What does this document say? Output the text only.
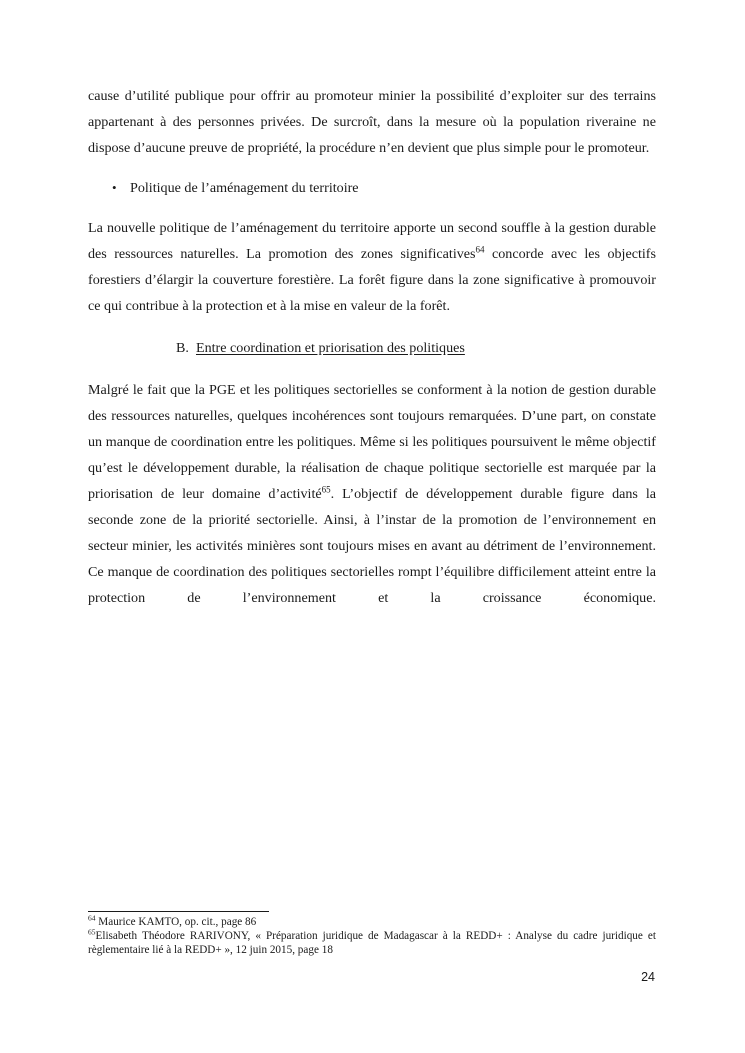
cause d’utilité publique pour offrir au promoteur minier la possibilité d’exploiter sur des terrains appartenant à des personnes privées. De surcroît, dans la mesure où la population riveraine ne dispose d’aucune preuve de propriété, la procédure n’en devient que plus simple pour le promoteur.

• Politique de l’aménagement du territoire

La nouvelle politique de l’aménagement du territoire apporte un second souffle à la gestion durable des ressources naturelles. La promotion des zones significatives$^{64}$ concorde avec les objectifs forestiers d’élargir la couverture forestière. La forêt figure dans la zone significative à promouvoir ce qui contribue à la protection et à la mise en valeur de la forêt.

B. Entre coordination et priorisation des politiques

Malgré le fait que la PGE et les politiques sectorielles se conforment à la notion de gestion durable des ressources naturelles, quelques incohérences sont toujours remarquées. D’une part, on constate un manque de coordination entre les politiques. Même si les politiques poursuivent le même objectif qu’est le développement durable, la réalisation de chaque politique sectorielle est marquée par la priorisation de leur domaine d’activité$^{65}$. L’objectif de développement durable figure dans la seconde zone de la priorité sectorielle. Ainsi, à l’instar de la promotion de l’environnement en secteur minier, les activités minières sont toujours mises en avant au détriment de l’environnement. Ce manque de coordination des politiques sectorielles rompt l’équilibre difficilement atteint entre la protection de l’environnement et la croissance économique.

$^{64}$ Maurice KAMTO, op. cit., page 86

$^{65}$Elisabeth Théodore RARIVONY, « Préparation juridique de Madagascar à la REDD+ : Analyse du cadre juridique et règlementaire lié à la REDD+ », 12 juin 2015, page 18

24
